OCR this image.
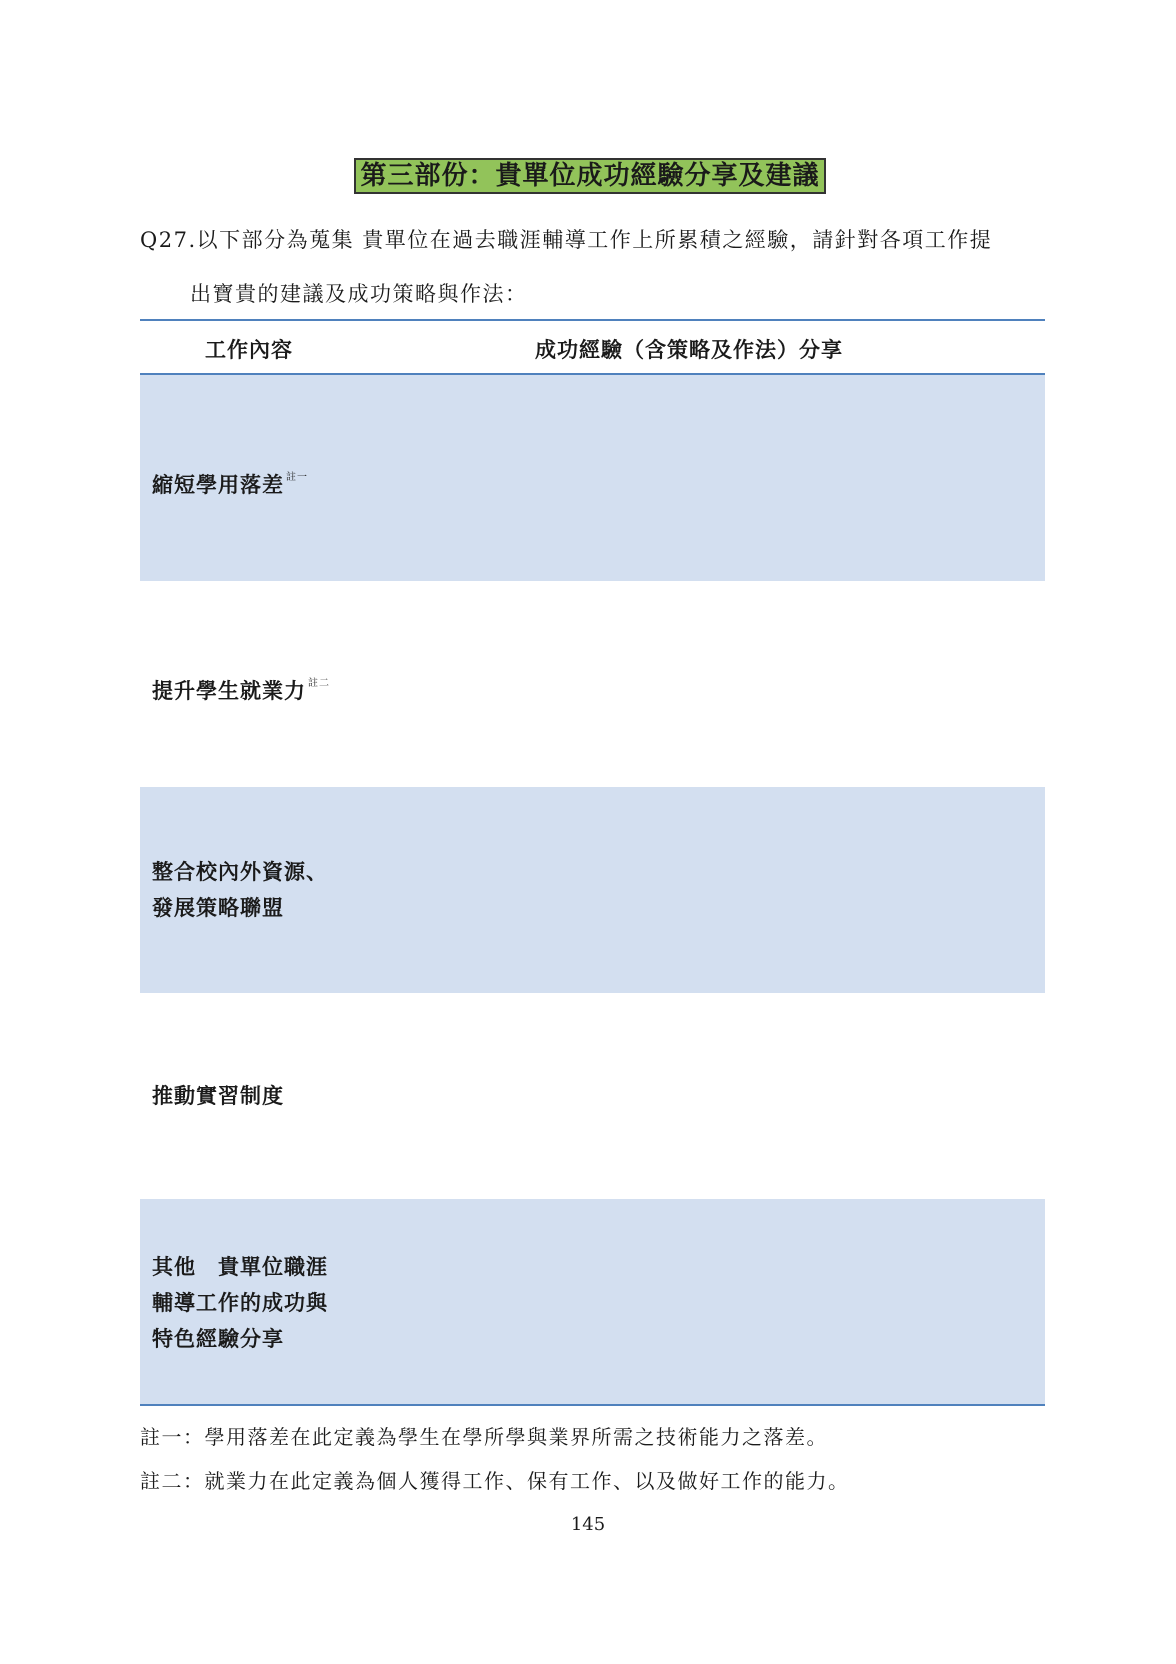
第三部份：貴單位成功經驗分享及建議
Q27.以下部分為蒐集 貴單位在過去職涯輔導工作上所累積之經驗，請針對各項工作提
出寶貴的建議及成功策略與作法：
工作內容	成功經驗（含策略及作法）分享
縮短學用落差 $^{註一}$
提升學生就業力 $^{註二}$
整合校內外資源、
發展策略聯盟
推動實習制度
其他　貴單位職涯
輔導工作的成功與
特色經驗分享
註一：學用落差在此定義為學生在學所學與業界所需之技術能力之落差。
註二：就業力在此定義為個人獲得工作、保有工作、以及做好工作的能力。
145
